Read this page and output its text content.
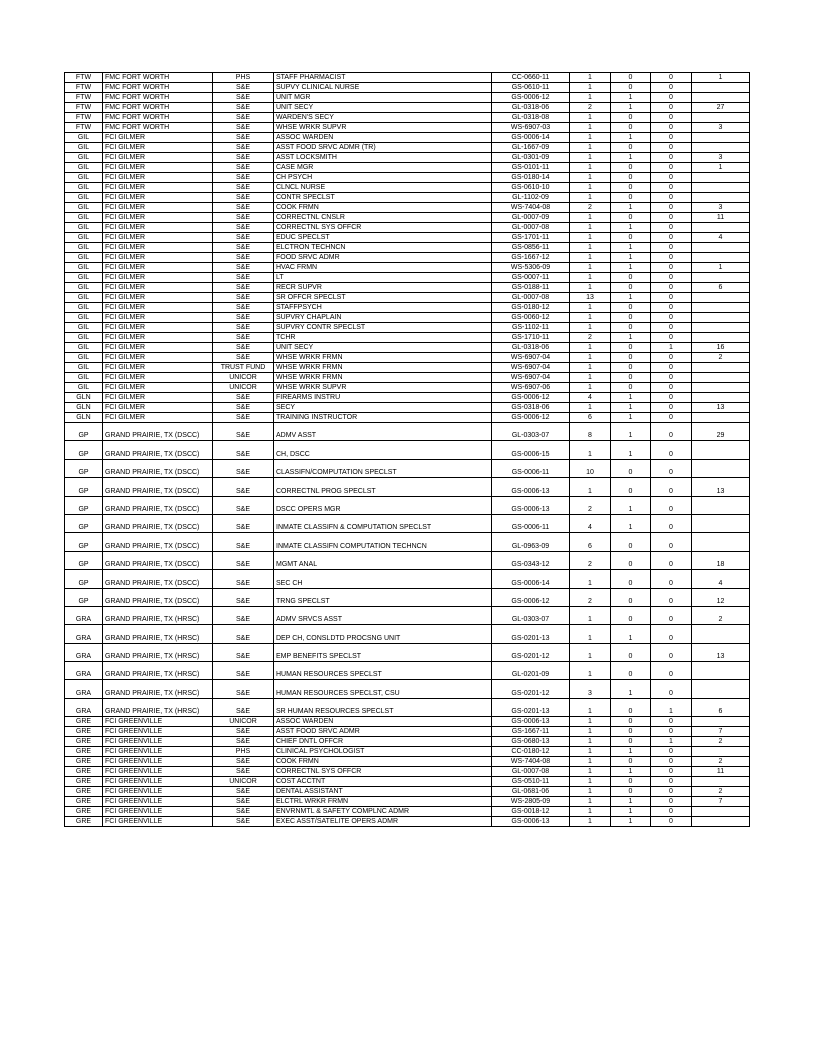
FTW	FMC FORT WORTH	PHS	STAFF PHARMACIST	CC-0660-11	1	0	0	1
FTW	FMC FORT WORTH	S&E	SUPVY CLINICAL NURSE	GS-0610-11	1	0	0	
FTW	FMC FORT WORTH	S&E	UNIT MGR	GS-0006-12	1	1	0	
FTW	FMC FORT WORTH	S&E	UNIT SECY	GL-0318-06	2	1	0	27
FTW	FMC FORT WORTH	S&E	WARDEN'S SECY	GL-0318-08	1	0	0	
FTW	FMC FORT WORTH	S&E	WHSE WRKR SUPVR	WS-6907-03	1	0	0	3
GIL	FCI GILMER	S&E	ASSOC WARDEN	GS-0006-14	1	1	0	
GIL	FCI GILMER	S&E	ASST FOOD SRVC ADMR (TR)	GL-1667-09	1	0	0	
GIL	FCI GILMER	S&E	ASST LOCKSMITH	GL-0301-09	1	1	0	3
GIL	FCI GILMER	S&E	CASE MGR	GS-0101-11	1	0	0	1
GIL	FCI GILMER	S&E	CH PSYCH	GS-0180-14	1	0	0	
GIL	FCI GILMER	S&E	CLNCL NURSE	GS-0610-10	1	0	0	
GIL	FCI GILMER	S&E	CONTR SPECLST	GL-1102-09	1	0	0	
GIL	FCI GILMER	S&E	COOK FRMN	WS-7404-08	2	1	0	3
GIL	FCI GILMER	S&E	CORRECTNL CNSLR	GL-0007-09	1	0	0	11
GIL	FCI GILMER	S&E	CORRECTNL SYS OFFCR	GL-0007-08	1	1	0	
GIL	FCI GILMER	S&E	EDUC SPECLST	GS-1701-11	1	0	0	4
GIL	FCI GILMER	S&E	ELCTRON TECHNCN	GS-0856-11	1	1	0	
GIL	FCI GILMER	S&E	FOOD SRVC ADMR	GS-1667-12	1	1	0	
GIL	FCI GILMER	S&E	HVAC FRMN	WS-5306-09	1	1	0	1
GIL	FCI GILMER	S&E	LT	GS-0007-11	1	0	0	
GIL	FCI GILMER	S&E	RECR SUPVR	GS-0188-11	1	0	0	6
GIL	FCI GILMER	S&E	SR OFFCR SPECLST	GL-0007-08	13	1	0	
GIL	FCI GILMER	S&E	STAFFPSYCH	GS-0180-12	1	0	0	
GIL	FCI GILMER	S&E	SUPVRY CHAPLAIN	GS-0060-12	1	0	0	
GIL	FCI GILMER	S&E	SUPVRY CONTR SPECLST	GS-1102-11	1	0	0	
GIL	FCI GILMER	S&E	TCHR	GS-1710-11	2	1	0	
GIL	FCI GILMER	S&E	UNIT SECY	GL-0318-06	1	0	1	16
GIL	FCI GILMER	S&E	WHSE WRKR FRMN	WS-6907-04	1	0	0	2
GIL	FCI GILMER	TRUST FUND	WHSE WRKR FRMN	WS-6907-04	1	0	0	
GIL	FCI GILMER	UNICOR	WHSE WRKR FRMN	WS-6907-04	1	0	0	
GIL	FCI GILMER	UNICOR	WHSE WRKR SUPVR	WS-6907-06	1	0	0	
GLN	FCI GILMER	S&E	FIREARMS INSTRU	GS-0006-12	4	1	0	
GLN	FCI GILMER	S&E	SECY	GS-0318-06	1	1	0	13
GLN	FCI GILMER	S&E	TRAINING INSTRUCTOR	GS-0006-12	6	1	0	
GP	GRAND PRAIRIE, TX (DSCC)	S&E	ADMV ASST	GL-0303-07	8	1	0	29
GP	GRAND PRAIRIE, TX (DSCC)	S&E	CH, DSCC	GS-0006-15	1	1	0	
GP	GRAND PRAIRIE, TX (DSCC)	S&E	CLASSIFN/COMPUTATION SPECLST	GS-0006-11	10	0	0	
GP	GRAND PRAIRIE, TX (DSCC)	S&E	CORRECTNL PROG SPECLST	GS-0006-13	1	0	0	13
GP	GRAND PRAIRIE, TX (DSCC)	S&E	DSCC OPERS MGR	GS-0006-13	2	1	0	
GP	GRAND PRAIRIE, TX (DSCC)	S&E	INMATE CLASSIFN & COMPUTATION SPECLST	GS-0006-11	4	1	0	
GP	GRAND PRAIRIE, TX (DSCC)	S&E	INMATE CLASSIFN COMPUTATION TECHNCN	GL-0963-09	6	0	0	
GP	GRAND PRAIRIE, TX (DSCC)	S&E	MGMT ANAL	GS-0343-12	2	0	0	18
GP	GRAND PRAIRIE, TX (DSCC)	S&E	SEC CH	GS-0006-14	1	0	0	4
GP	GRAND PRAIRIE, TX (DSCC)	S&E	TRNG SPECLST	GS-0006-12	2	0	0	12
GRA	GRAND PRAIRIE, TX (HRSC)	S&E	ADMV SRVCS ASST	GL-0303-07	1	0	0	2
GRA	GRAND PRAIRIE, TX (HRSC)	S&E	DEP CH, CONSLDTD PROCSNG UNIT	GS-0201-13	1	1	0	
GRA	GRAND PRAIRIE, TX (HRSC)	S&E	EMP BENEFITS SPECLST	GS-0201-12	1	0	0	13
GRA	GRAND PRAIRIE, TX (HRSC)	S&E	HUMAN RESOURCES SPECLST	GL-0201-09	1	0	0	
GRA	GRAND PRAIRIE, TX (HRSC)	S&E	HUMAN RESOURCES SPECLST, CSU	GS-0201-12	3	1	0	
GRA	GRAND PRAIRIE, TX (HRSC)	S&E	SR HUMAN RESOURCES SPECLST	GS-0201-13	1	0	1	6
GRE	FCI GREENVILLE	UNICOR	ASSOC WARDEN	GS-0006-13	1	0	0	
GRE	FCI GREENVILLE	S&E	ASST FOOD SRVC ADMR	GS-1667-11	1	0	0	7
GRE	FCI GREENVILLE	S&E	CHIEF DNTL OFFCR	GS-0680-13	1	0	1	2
GRE	FCI GREENVILLE	PHS	CLINICAL PSYCHOLOGIST	CC-0180-12	1	1	0	
GRE	FCI GREENVILLE	S&E	COOK FRMN	WS-7404-08	1	0	0	2
GRE	FCI GREENVILLE	S&E	CORRECTNL SYS OFFCR	GL-0007-08	1	1	0	11
GRE	FCI GREENVILLE	UNICOR	COST ACCTNT	GS-0510-11	1	0	0	
GRE	FCI GREENVILLE	S&E	DENTAL ASSISTANT	GL-0681-06	1	0	0	2
GRE	FCI GREENVILLE	S&E	ELCTRL WRKR FRMN	WS-2805-09	1	1	0	7
GRE	FCI GREENVILLE	S&E	ENVRNMTL & SAFETY COMPLNC ADMR	GS-0018-12	1	1	0	
GRE	FCI GREENVILLE	S&E	EXEC ASST/SATELITE OPERS ADMR	GS-0006-13	1	1	0	
